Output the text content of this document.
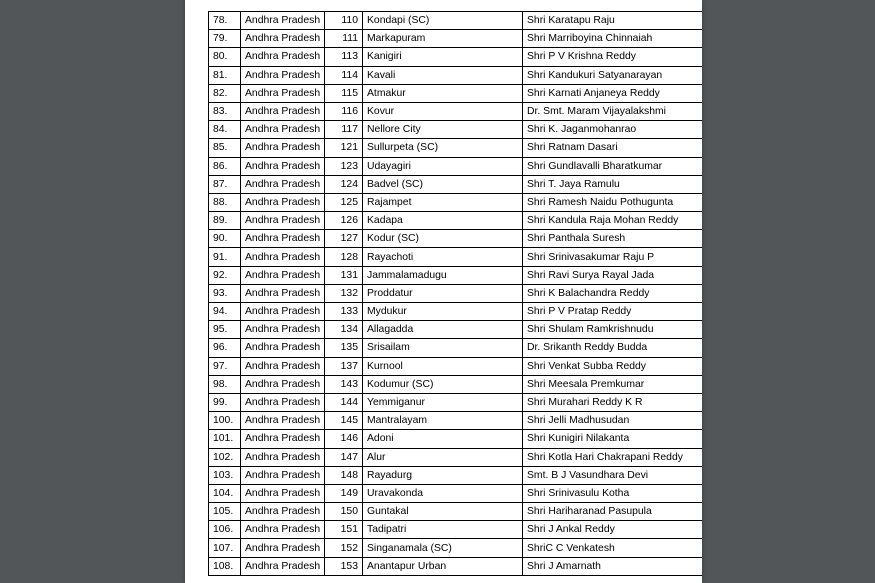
78.	Andhra Pradesh	110	Kondapi (SC)	Shri Karatapu Raju
79.	Andhra Pradesh	111	Markapuram	Shri Marriboyina Chinnaiah
80.	Andhra Pradesh	113	Kanigiri	Shri P V Krishna Reddy
81.	Andhra Pradesh	114	Kavali	Shri Kandukuri Satyanarayan
82.	Andhra Pradesh	115	Atmakur	Shri Karnati Anjaneya Reddy
83.	Andhra Pradesh	116	Kovur	Dr. Smt. Maram Vijayalakshmi
84.	Andhra Pradesh	117	Nellore City	Shri K. Jaganmohanrao
85.	Andhra Pradesh	121	Sullurpeta (SC)	Shri Ratnam Dasari
86.	Andhra Pradesh	123	Udayagiri	Shri Gundlavalli Bharatkumar
87.	Andhra Pradesh	124	Badvel (SC)	Shri T. Jaya Ramulu
88.	Andhra Pradesh	125	Rajampet	Shri Ramesh Naidu Pothugunta
89.	Andhra Pradesh	126	Kadapa	Shri Kandula Raja Mohan Reddy
90.	Andhra Pradesh	127	Kodur (SC)	Shri Panthala Suresh
91.	Andhra Pradesh	128	Rayachoti	Shri Srinivasakumar Raju P
92.	Andhra Pradesh	131	Jammalamadugu	Shri Ravi Surya Rayal Jada
93.	Andhra Pradesh	132	Proddatur	Shri K Balachandra Reddy
94.	Andhra Pradesh	133	Mydukur	Shri P V Pratap Reddy
95.	Andhra Pradesh	134	Allagadda	Shri Shulam Ramkrishnudu
96.	Andhra Pradesh	135	Srisailam	Dr. Srikanth Reddy Budda
97.	Andhra Pradesh	137	Kurnool	Shri Venkat Subba Reddy
98.	Andhra Pradesh	143	Kodumur (SC)	Shri Meesala Premkumar
99.	Andhra Pradesh	144	Yemmiganur	Shri Murahari Reddy K R
100.	Andhra Pradesh	145	Mantralayam	Shri Jelli Madhusudan
101.	Andhra Pradesh	146	Adoni	Shri Kunigiri Nilakanta
102.	Andhra Pradesh	147	Alur	Shri Kotla Hari Chakrapani Reddy
103.	Andhra Pradesh	148	Rayadurg	Smt. B J Vasundhara Devi
104.	Andhra Pradesh	149	Uravakonda	Shri Srinivasulu Kotha
105.	Andhra Pradesh	150	Guntakal	Shri Hariharanad Pasupula
106.	Andhra Pradesh	151	Tadipatri	Shri J Ankal Reddy
107.	Andhra Pradesh	152	Singanamala (SC)	ShriC C Venkatesh
108.	Andhra Pradesh	153	Anantapur Urban	Shri J Amarnath
